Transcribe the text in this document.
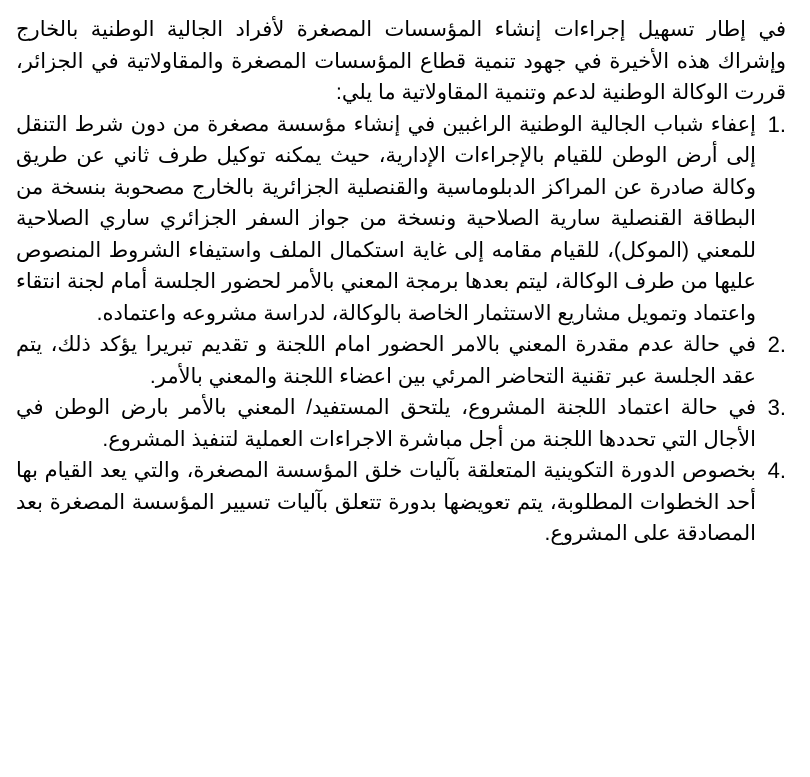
في إطار تسهيل إجراءات إنشاء المؤسسات المصغرة لأفراد الجالية الوطنية بالخارج وإشراك هذه الأخيرة في جهود تنمية قطاع المؤسسات المصغرة والمقاولاتية في الجزائر، قررت الوكالة الوطنية لدعم وتنمية المقاولاتية ما يلي:

1.
إعفاء شباب الجالية الوطنية الراغبين في إنشاء مؤسسة مصغرة من دون شرط التنقل إلى أرض الوطن للقيام بالإجراءات الإدارية، حيث يمكنه توكيل طرف ثاني عن طريق وكالة صادرة عن المراكز الدبلوماسية والقنصلية الجزائرية بالخارج مصحوبة بنسخة من البطاقة القنصلية سارية الصلاحية ونسخة من جواز السفر الجزائري ساري الصلاحية للمعني (الموكل)، للقيام مقامه إلى غاية استكمال الملف واستيفاء الشروط المنصوص عليها من طرف الوكالة، ليتم بعدها برمجة المعني بالأمر لحضور الجلسة أمام لجنة انتقاء واعتماد وتمويل مشاريع الاستثمار الخاصة بالوكالة، لدراسة مشروعه واعتماده.
2.
في حالة عدم مقدرة المعني بالامر الحضور امام اللجنة و تقديم تبريرا يؤكد ذلك، يتم عقد الجلسة عبر تقنية التحاضر المرئي بين اعضاء اللجنة والمعني بالأمر.
3.
في حالة اعتماد اللجنة المشروع، يلتحق المستفيد/ المعني بالأمر بارض الوطن في الأجال التي تحددها اللجنة من أجل مباشرة الاجراءات العملية لتنفيذ المشروع.
4.
بخصوص الدورة التكوينية المتعلقة بآليات خلق المؤسسة المصغرة، والتي يعد القيام بها أحد الخطوات المطلوبة، يتم تعويضها بدورة تتعلق بآليات تسيير المؤسسة المصغرة بعد المصادقة على المشروع.
